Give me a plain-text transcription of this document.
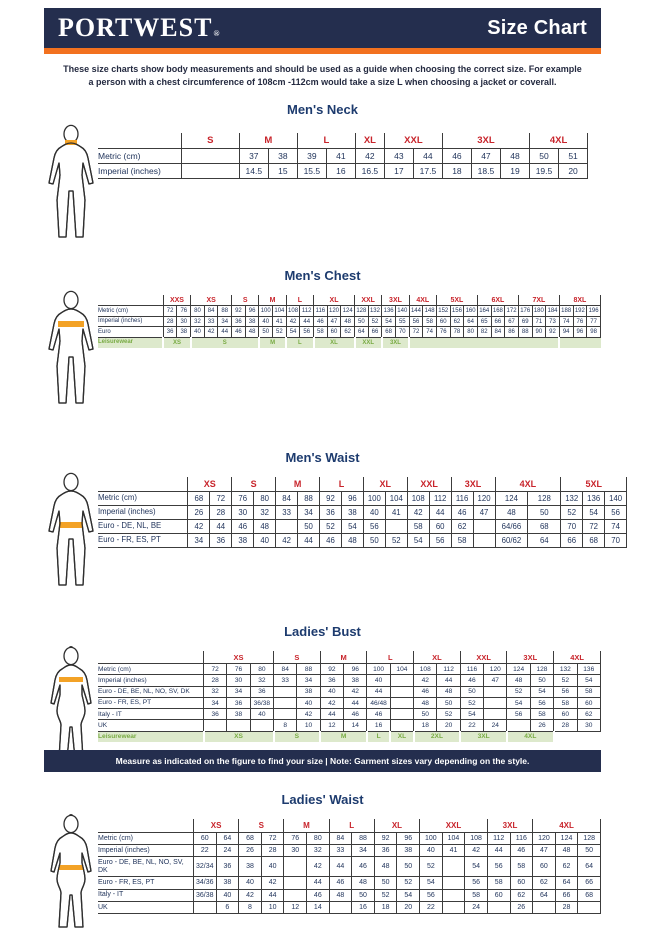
PORTWEST®	Size Chart

These size charts show body measurements and should be used as a guide when choosing the correct size. For example
a person with a chest circumference of 108cm -112cm would take a size L when choosing a jacket or coverall.

Men's Neck
	S	M		L		XL	XXL		3XL			4XL	
Metric (cm)		37	38	39	41	42	43	44	46	47	48	50	51
Imperial (inches)		14.5	15	15.5	16	16.5	17	17.5	18	18.5	19	19.5	20
Men's Chest
	XXS		XS			S		M		L		XL			XXL		3XL		4XL		5XL			6XL			7XL			8XL		
Metric (cm)	72	76	80	84	88	92	96	100	104	108	112	116	120	124	128	132	136	140	144	148	152	156	160	164	168	172	176	180	184	188	192	196
Imperial (inches)	28	30	32	33	34	36	38	40	41	42	44	46	47	48	50	52	54	55	56	58	60	62	64	65	66	67	69	71	73	74	76	77
Euro	36	38	40	42	44	46	48	50	52	54	56	58	60	62	64	66	68	70	72	74	76	78	80	82	84	86	88	90	92	94	96	98
Leisurewear	XS		S					M		L		XL			XXL		3XL															
Men's Waist
	XS		S		M		L		XL		XXL		3XL		4XL		5XL		
Metric (cm)	68	72	76	80	84	88	92	96	100	104	108	112	116	120	124	128	132	136	140
Imperial (inches)	26	28	30	32	33	34	36	38	40	41	42	44	46	47	48	50	52	54	56
Euro - DE, NL, BE	42	44	46	48		50	52	54	56		58	60	62		64/66	68	70	72	74
Euro - FR, ES, PT	34	36	38	40	42	44	46	48	50	52	54	56	58		60/62	64	66	68	70
Ladies' Bust
	XS			S		M		L		XL		XXL		3XL		4XL	
Metric (cm)	72	76	80	84	88	92	96	100	104	108	112	116	120	124	128	132	136
Imperial (inches)	28	30	32	33	34	36	38	40		42	44	46	47	48	50	52	54
Euro - DE, BE, NL, NO, SV, DK	32	34	36		38	40	42	44		46	48	50		52	54	56	58
Euro - FR, ES, PT	34	36	36/38		40	42	44	46/48		48	50	52		54	56	58	60
Italy - IT	36	38	40		42	44	46	46		50	52	54		56	58	60	62
UK				8	10	12	14	16		18	20	22	24		26	28	30
Leisurewear	XS			S		M		L	XL	2XL		3XL		4XL			
Ladies' Waist
	XS		S		M		L		XL		XXL			3XL		4XL		
Metric (cm)	60	64	68	72	76	80	84	88	92	96	100	104	108	112	116	120	124	128
Imperial (inches)	22	24	26	28	30	32	33	34	36	38	40	41	42	44	46	47	48	50
Euro - DE, BE, NL, NO, SV, DK	32/34	36	38	40		42	44	46	48	50	52		54	56	58	60	62	64
Euro - FR, ES, PT	34/36	38	40	42		44	46	48	50	52	54		56	58	60	62	64	66
Italy - IT	36/38	40	42	44		46	48	50	52	54	56		58	60	62	64	66	68
UK		6	8	10	12	14		16	18	20	22		24		26		28	
Measure as indicated on the figure to find your size | Note: Garment sizes vary depending on the style.
